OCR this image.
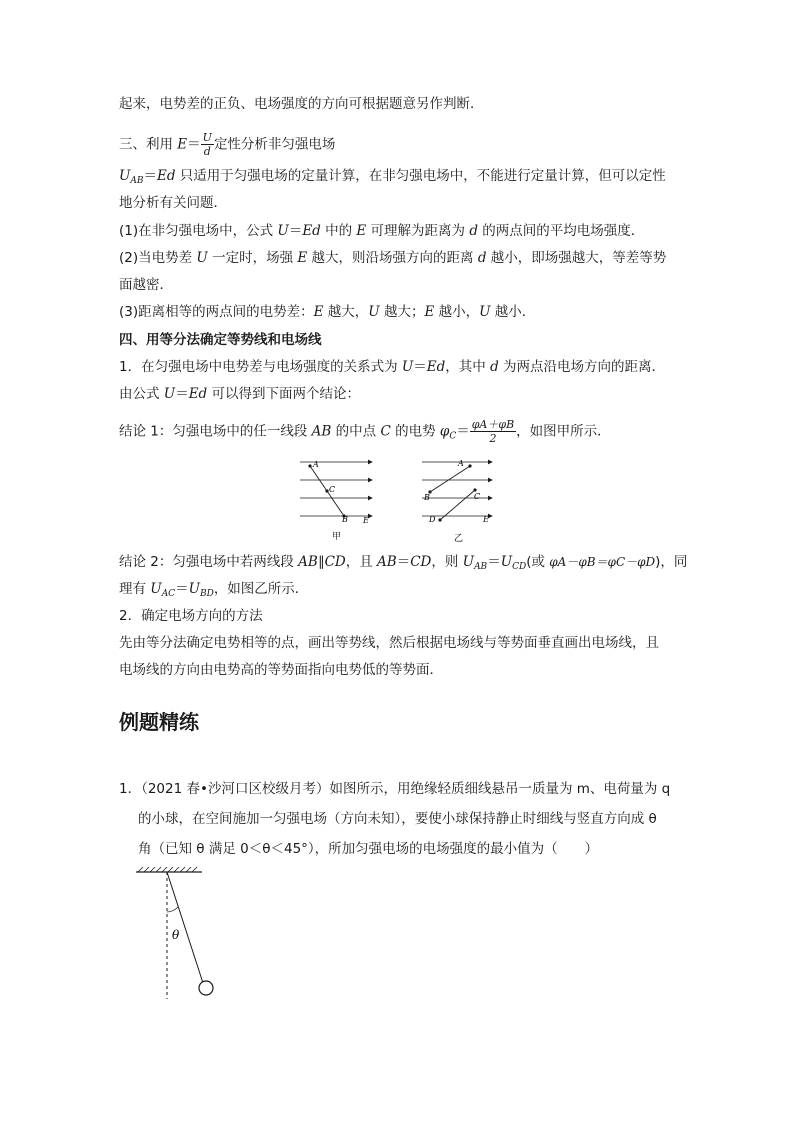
起来，电势差的正负、电场强度的方向可根据题意另作判断．
三、利用 $E= \frac{U}{d}$ 定性分析非匀强电场
$U_{AB}=Ed$ 只适用于匀强电场的定量计算，在非匀强电场中，不能进行定量计算，但可以定性
地分析有关问题．
(1)在非匀强电场中，公式 U＝Ed 中的 E 可理解为距离为 d 的两点间的平均电场强度．
(2)当电势差 U 一定时，场强 E 越大，则沿场强方向的距离 d 越小，即场强越大，等差等势
面越密．
(3)距离相等的两点间的电势差：E 越大，U 越大；E 越小，U 越小．
四、用等分法确定等势线和电场线
1．在匀强电场中电势差与电场强度的关系式为 U＝Ed，其中 d 为两点沿电场方向的距离．
由公式 U＝Ed 可以得到下面两个结论：
结论 1：匀强电场中的任一线段 AB 的中点 C 的电势 $\varphi_C= \frac{\varphi A+\varphi B}{2}$ ，如图甲所示．
A
C
B E
甲
A
B	C
D	E
乙
结论 2：匀强电场中若两线段 AB∥CD，且 AB＝CD，则 $U_{AB}=U_{CD}$(或 φA－φB＝φC－φD)，同
理有 $U_{AC}=U_{BD}$，如图乙所示．
2．确定电场方向的方法
先由等分法确定电势相等的点，画出等势线，然后根据电场线与等势面垂直画出电场线，且
电场线的方向由电势高的等势面指向电势低的等势面．
例题精练
1．（2021 春•沙河口区校级月考）如图所示，用绝缘轻质细线悬吊一质量为 m、电荷量为 q
的小球，在空间施加一匀强电场（方向未知），要使小球保持静止时细线与竖直方向成 θ
角（已知 θ 满足 0＜θ＜45°），所加匀强电场的电场强度的最小值为（　　）
θ
